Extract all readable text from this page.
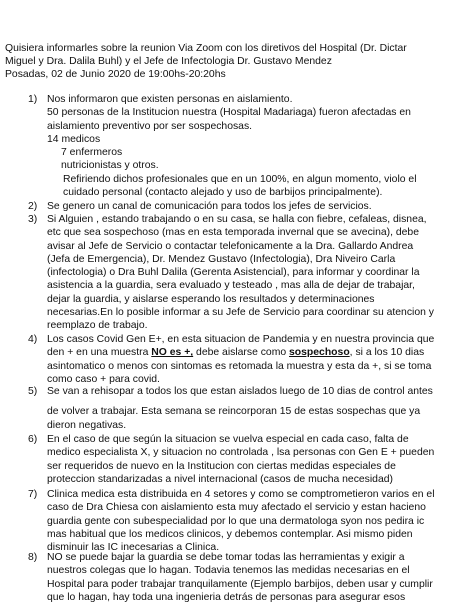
Quisiera informarles sobre la reunion Via Zoom con los diretivos del Hospital (Dr. Dictar
Miguel y Dra. Dalila Buhl) y el Jefe de Infectologia Dr. Gustavo Mendez
Posadas, 02 de Junio 2020 de 19:00hs-20:20hs
1) Nos informaron que existen personas en aislamiento.
50 personas de la Institucion nuestra (Hospital Madariaga) fueron afectadas en
aislamiento preventivo por ser sospechosas.
14 medicos
7 enfermeros
nutricionistas y otros.
Refiriendo dichos profesionales que en un 100%, en algun momento, violo el
cuidado personal (contacto alejado y uso de barbijos principalmente).
2) Se genero un canal de comunicación para todos los jefes de servicios.
3) Si Alguien , estando trabajando o en su casa, se halla con fiebre, cefaleas, disnea,
etc que sea sospechoso (mas en esta temporada invernal que se avecina), debe
avisar al Jefe de Servicio o contactar telefonicamente a la Dra. Gallardo Andrea
(Jefa de Emergencia), Dr. Mendez Gustavo (Infectologia), Dra Niveiro Carla
(infectologia) o Dra Buhl Dalila (Gerenta Asistencial), para informar y coordinar la
asistencia a la guardia, sera evaluado y testeado , mas alla de dejar de trabajar,
dejar la guardia, y aislarse esperando los resultados y determinaciones
necesarias.En lo posible informar a su Jefe de Servicio para coordinar su atencion y
reemplazo de trabajo.
4) Los casos Covid Gen E+, en esta situacion de Pandemia y en nuestra provincia que
den + en una muestra NO es +, debe aislarse como sospechoso, si a los 10 dias
asintomatico o menos con sintomas es retomada la muestra y esta da +, si se toma
como caso + para covid.
5) Se van a rehisopar a todos los que estan aislados luego de 10 dias de control antes
de volver a trabajar. Esta semana se reincorporan 15 de estas sospechas que ya
dieron negativas.
6) En el caso de que según la situacion se vuelva especial en cada caso, falta de
medico especialista X, y situacion no controlada , lsa personas con Gen E + pueden
ser requeridos de nuevo en la Institucion con ciertas medidas especiales de
proteccion standarizadas a nivel internacional (casos de mucha necesidad)
7) Clinica medica esta distribuida en 4 setores y como se comptrometieron varios en el
caso de Dra Chiesa con aislamiento esta muy afectado el servicio y estan hacieno
guardia gente con subespecialidad por lo que una dermatologa syon nos pedira ic
mas habitual que los medicos clinicos, y debemos contemplar. Asi mismo piden
disminuir las IC inecesarias a Clinica.
8) NO se puede bajar la guardia se debe tomar todas las herramientas y exigir a
nuestros colegas que lo hagan. Todavia tenemos las medidas necesarias en el
Hospital para poder trabajar tranquilamente (Ejemplo barbijos, deben usar y cumplir
que lo hagan, hay toda una ingenieria detrás de personas para asegurar esos
